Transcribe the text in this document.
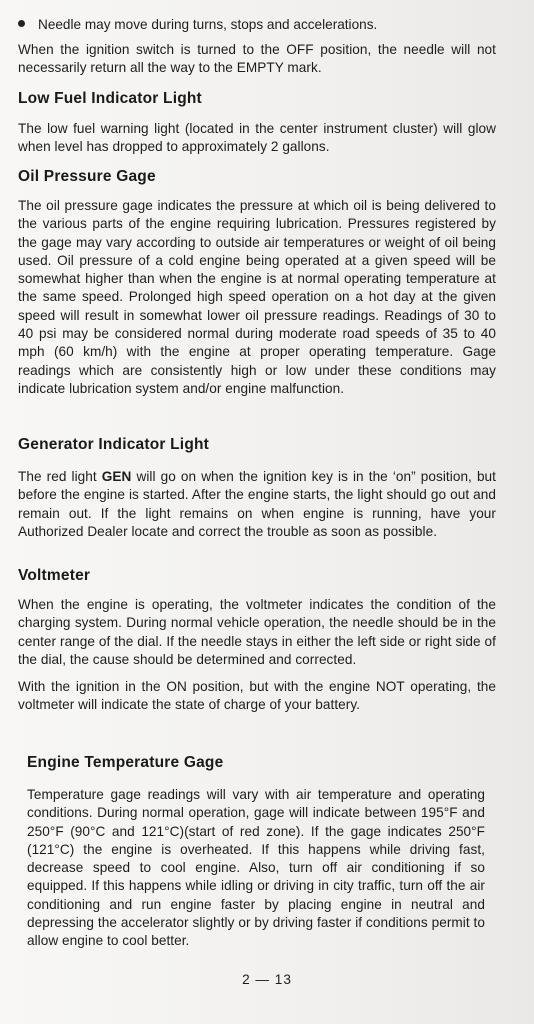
Needle may move during turns, stops and accelerations.

When the ignition switch is turned to the OFF position, the needle will not necessarily return all the way to the EMPTY mark.

Low Fuel Indicator Light

The low fuel warning light (located in the center instrument cluster) will glow when level has dropped to approximately 2 gallons.

Oil Pressure Gage

The oil pressure gage indicates the pressure at which oil is being delivered to the various parts of the engine requiring lubrication. Pressures registered by the gage may vary according to outside air temperatures or weight of oil being used. Oil pressure of a cold engine being operated at a given speed will be somewhat higher than when the engine is at normal operating temperature at the same speed. Prolonged high speed operation on a hot day at the given speed will result in somewhat lower oil pressure readings. Readings of 30 to 40 psi may be considered normal during moderate road speeds of 35 to 40 mph (60 km/h) with the engine at proper operating temperature. Gage readings which are consistently high or low under these conditions may indicate lubrication system and/or engine malfunction.

Generator Indicator Light

The red light GEN will go on when the ignition key is in the ‘on” position, but before the engine is started. After the engine starts, the light should go out and remain out. If the light remains on when engine is running, have your Authorized Dealer locate and correct the trouble as soon as possible.

Voltmeter

When the engine is operating, the voltmeter indicates the condition of the charging system. During normal vehicle operation, the needle should be in the center range of the dial. If the needle stays in either the left side or right side of the dial, the cause should be determined and corrected.

With the ignition in the ON position, but with the engine NOT operating, the voltmeter will indicate the state of charge of your battery.

Engine Temperature Gage

Temperature gage readings will vary with air temperature and operating conditions. During normal operation, gage will indicate between 195°F and 250°F (90°C and 121°C)(start of red zone). If the gage indicates 250°F (121°C) the engine is overheated. If this happens while driving fast, decrease speed to cool engine. Also, turn off air conditioning if so equipped. If this happens while idling or driving in city traffic, turn off the air conditioning and run engine faster by placing engine in neutral and depressing the accelerator slightly or by driving faster if conditions permit to allow engine to cool better.

2 — 13
